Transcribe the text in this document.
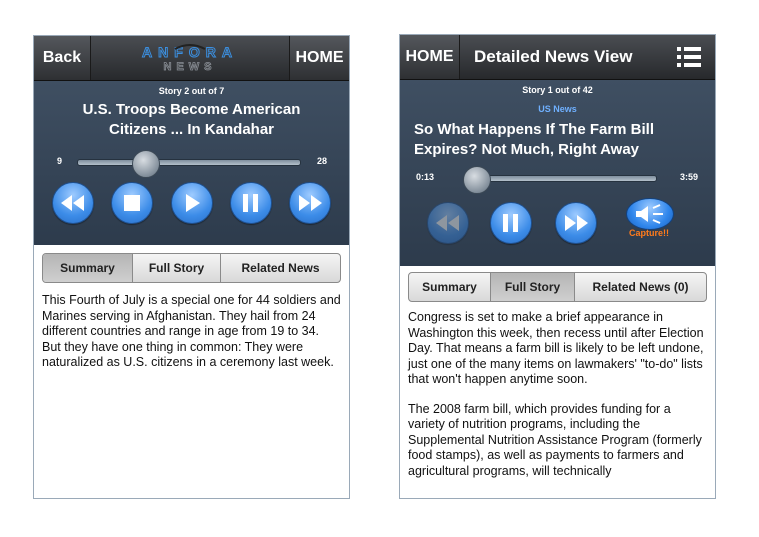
Back	ANFORA
NEWS
HOME
Story 2 out of 7
U.S. Troops Become American Citizens ... In Kandahar
9	28
Summary	Full Story	Related News
This Fourth of July is a special one for 44 soldiers and Marines serving in Afghanistan. They hail from 24 different countries and range in age from 19 to 34. But they have one thing in common: They were naturalized as U.S. citizens in a ceremony last week.
HOME	Detailed News View
Story 1 out of 42
US News
So What Happens If The Farm Bill Expires? Not Much, Right Away
0:13	3:59
Capture!!
Summary	Full Story	Related News (0)

Congress is set to make a brief appearance in Washington this week, then recess until after Election Day. That means a farm bill is likely to be left undone, just one of the many items on lawmakers' "to-do" lists that won't happen anytime soon.

The 2008 farm bill, which provides funding for a variety of nutrition programs, including the Supplemental Nutrition Assistance Program (formerly food stamps), as well as payments to farmers and agricultural programs, will technically
